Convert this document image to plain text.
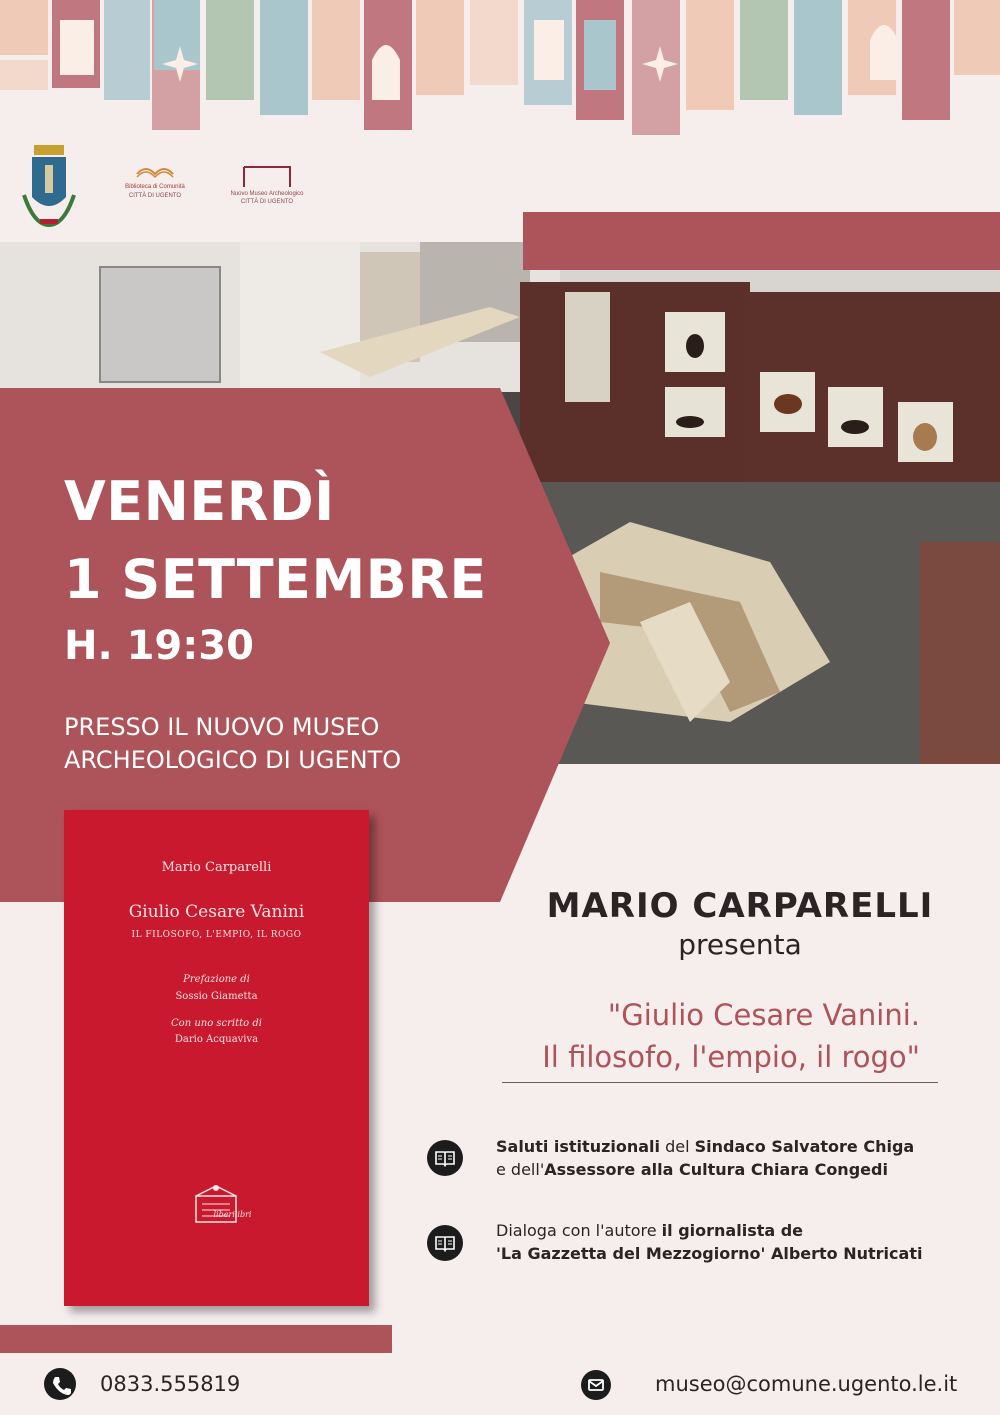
Biblioteca di Comunità
CITTÀ DI UGENTO	Nuovo Museo Archeologico
CITTÀ DI UGENTO
VENERDÌ
1 SETTEMBRE
H. 19:30
PRESSO IL NUOVO MUSEO
ARCHEOLOGICO DI UGENTO
Mario Carparelli
Giulio Cesare Vanini
IL FILOSOFO, L'EMPIO, IL ROGO
Prefazione di
Sossio Giametta
Con uno scritto di
Dario Acquaviva
liberilibri
MARIO CARPARELLI
presenta
"Giulio Cesare Vanini.
Il filosofo, l'empio, il rogo"
Saluti istituzionali del Sindaco Salvatore Chiga
e dell'Assessore alla Cultura Chiara Congedi
Dialoga con l'autore il giornalista de
'La Gazzetta del Mezzogiorno' Alberto Nutricati
0833.555819	museo@comune.ugento.le.it
